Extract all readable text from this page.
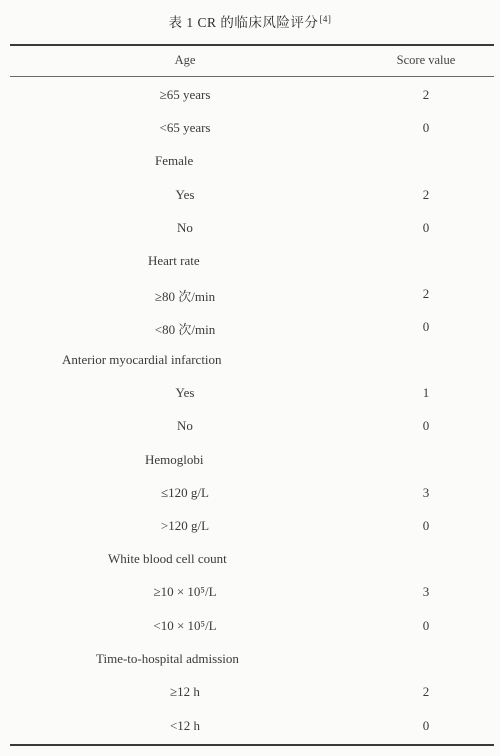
表 1 CR 的临床风险评分[4]
Age	Score value
≥65 years	2
<65 years	0
Female
Yes	2
No	0
Heart rate
≥80 次/min	2
<80 次/min	0
Anterior myocardial infarction
Yes	1
No	0
Hemoglobi
≤120 g/L	3
>120 g/L	0
White blood cell count
≥10 × 10⁵/L	3
<10 × 10⁵/L	0
Time-to-hospital admission
≥12 h	2
<12 h	0
